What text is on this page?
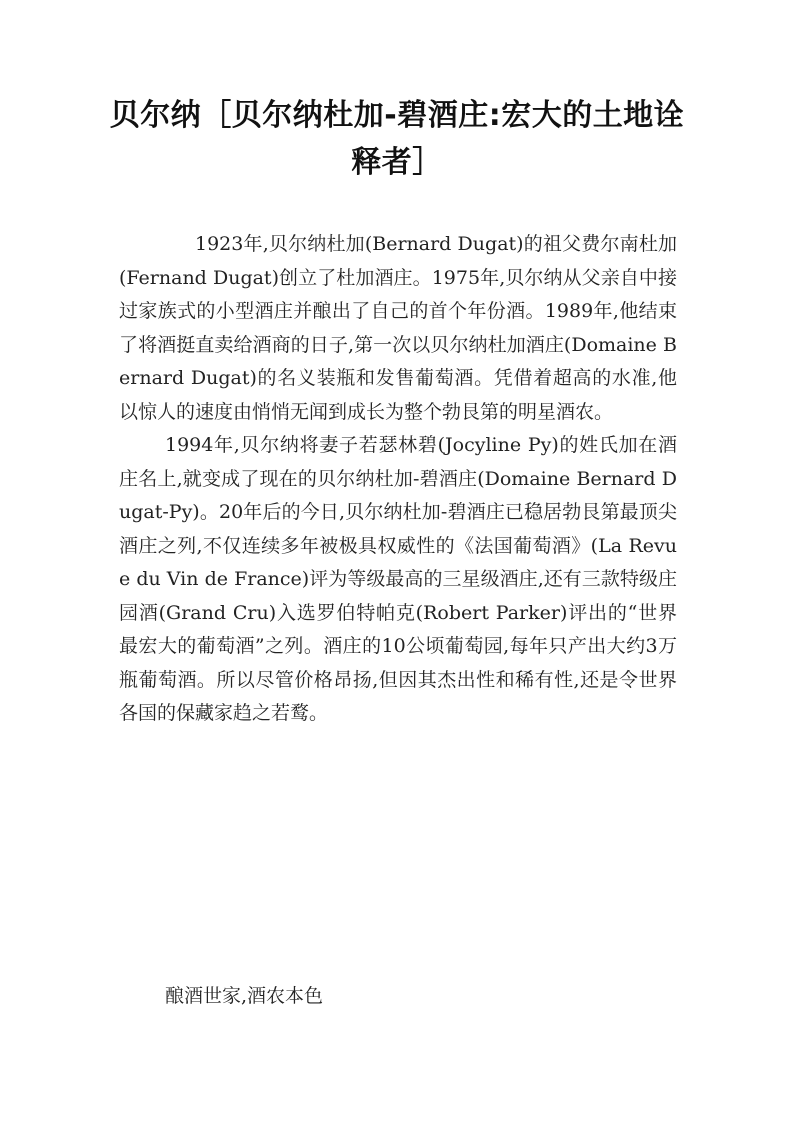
贝尔纳［贝尔纳杜加-碧酒庄:宏大的土地诠释者］

1923年,贝尔纳杜加(Bernard Dugat)的祖父费尔南杜加(Fernand Dugat)创立了杜加酒庄。1975年,贝尔纳从父亲自中接过家族式的小型酒庄并酿出了自己的首个年份酒。1989年,他结束了将酒挺直卖给酒商的日子,第一次以贝尔纳杜加酒庄(Domaine Bernard Dugat)的名义装瓶和发售葡萄酒。凭借着超高的水准,他以惊人的速度由悄悄无闻到成长为整个勃艮第的明星酒农。

1994年,贝尔纳将妻子若瑟林碧(Jocyline Py)的姓氏加在酒庄名上,就变成了现在的贝尔纳杜加-碧酒庄(Domaine Bernard Dugat-Py)。20年后的今日,贝尔纳杜加-碧酒庄已稳居勃艮第最顶尖酒庄之列,不仅连续多年被极具权威性的《法国葡萄酒》(La Revue du Vin de France)评为等级最高的三星级酒庄,还有三款特级庄园酒(Grand Cru)入选罗伯特帕克(Robert Parker)评出的“世界最宏大的葡萄酒”之列。酒庄的10公顷葡萄园,每年只产出大约3万瓶葡萄酒。所以尽管价格昂扬,但因其杰出性和稀有性,还是令世界各国的保藏家趋之若鹜。

酿酒世家,酒农本色
